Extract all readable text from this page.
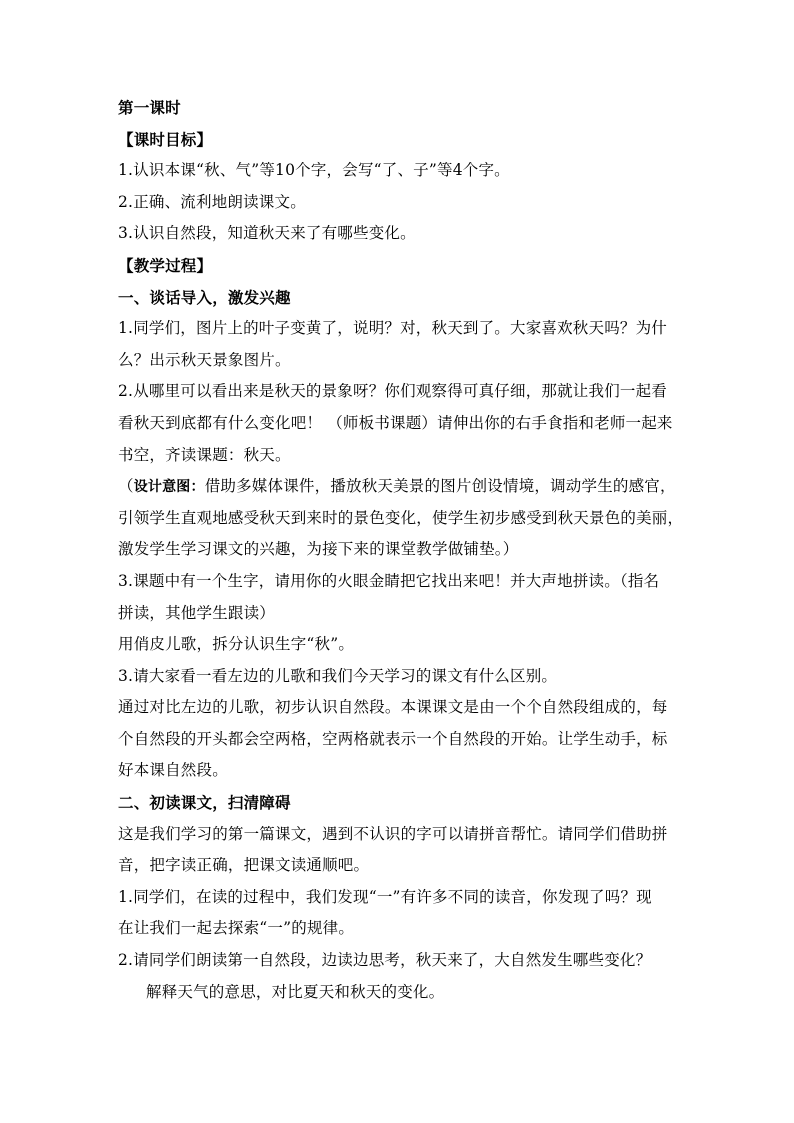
第一课时
【课时目标】
1.认识本课“秋、气”等10个字，会写“了、子”等4个字。
2.正确、流利地朗读课文。
3.认识自然段，知道秋天来了有哪些变化。
【教学过程】
一、谈话导入，激发兴趣
1.同学们，图片上的叶子变黄了，说明？对，秋天到了。大家喜欢秋天吗？为什
么？出示秋天景象图片。
2.从哪里可以看出来是秋天的景象呀？你们观察得可真仔细，那就让我们一起看
看秋天到底都有什么变化吧！ （师板书课题）请伸出你的右手食指和老师一起来
书空，齐读课题：秋天。
（设计意图：借助多媒体课件，播放秋天美景的图片创设情境，调动学生的感官，
引领学生直观地感受秋天到来时的景色变化，使学生初步感受到秋天景色的美丽，
激发学生学习课文的兴趣，为接下来的课堂教学做铺垫。）
3.课题中有一个生字，请用你的火眼金睛把它找出来吧！并大声地拼读。（指名
拼读，其他学生跟读）
用俏皮儿歌，拆分认识生字“秋”。
3.请大家看一看左边的儿歌和我们今天学习的课文有什么区别。
通过对比左边的儿歌，初步认识自然段。本课课文是由一个个自然段组成的，每
个自然段的开头都会空两格，空两格就表示一个自然段的开始。让学生动手，标
好本课自然段。
二、初读课文，扫清障碍
这是我们学习的第一篇课文，遇到不认识的字可以请拼音帮忙。请同学们借助拼
音，把字读正确，把课文读通顺吧。
1.同学们，在读的过程中，我们发现“一”有许多不同的读音，你发现了吗？现
在让我们一起去探索“一”的规律。
2.请同学们朗读第一自然段，边读边思考，秋天来了，大自然发生哪些变化？
解释天气的意思，对比夏天和秋天的变化。
